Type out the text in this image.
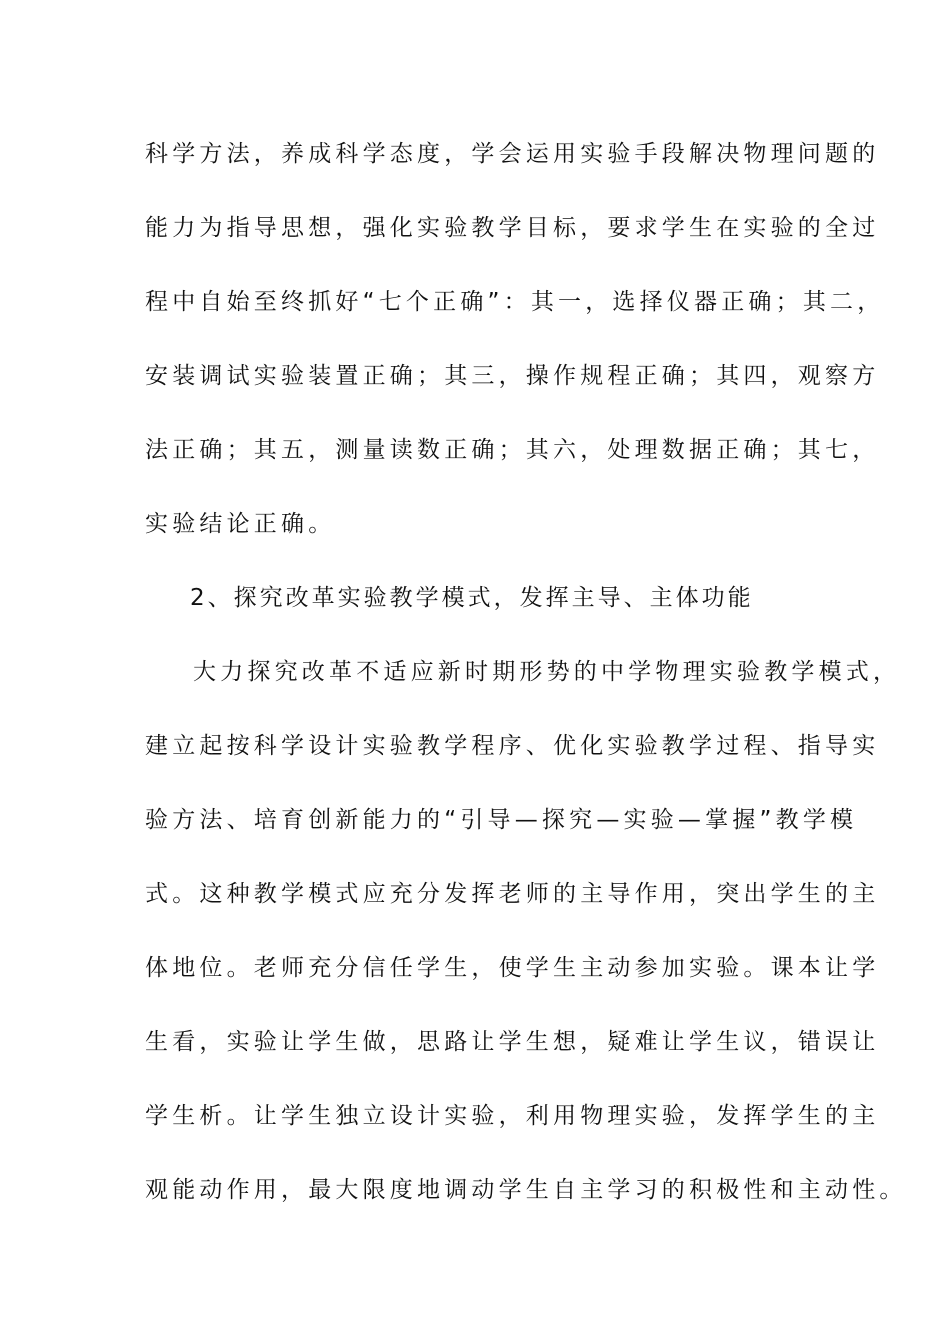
科学方法，养成科学态度，学会运用实验手段解决物理问题的
能力为指导思想，强化实验教学目标，要求学生在实验的全过
程中自始至终抓好“七个正确”：其一，选择仪器正确；其二，
安装调试实验装置正确；其三，操作规程正确；其四，观察方
法正确；其五，测量读数正确；其六，处理数据正确；其七，
实验结论正确。
2、探究改革实验教学模式，发挥主导、主体功能
大力探究改革不适应新时期形势的中学物理实验教学模式，
建立起按科学设计实验教学程序、优化实验教学过程、指导实
验方法、培育创新能力的“引导—探究—实验—掌握”教学模
式。这种教学模式应充分发挥老师的主导作用，突出学生的主
体地位。老师充分信任学生，使学生主动参加实验。课本让学
生看，实验让学生做，思路让学生想，疑难让学生议，错误让
学生析。让学生独立设计实验，利用物理实验，发挥学生的主
观能动作用，最大限度地调动学生自主学习的积极性和主动性。
